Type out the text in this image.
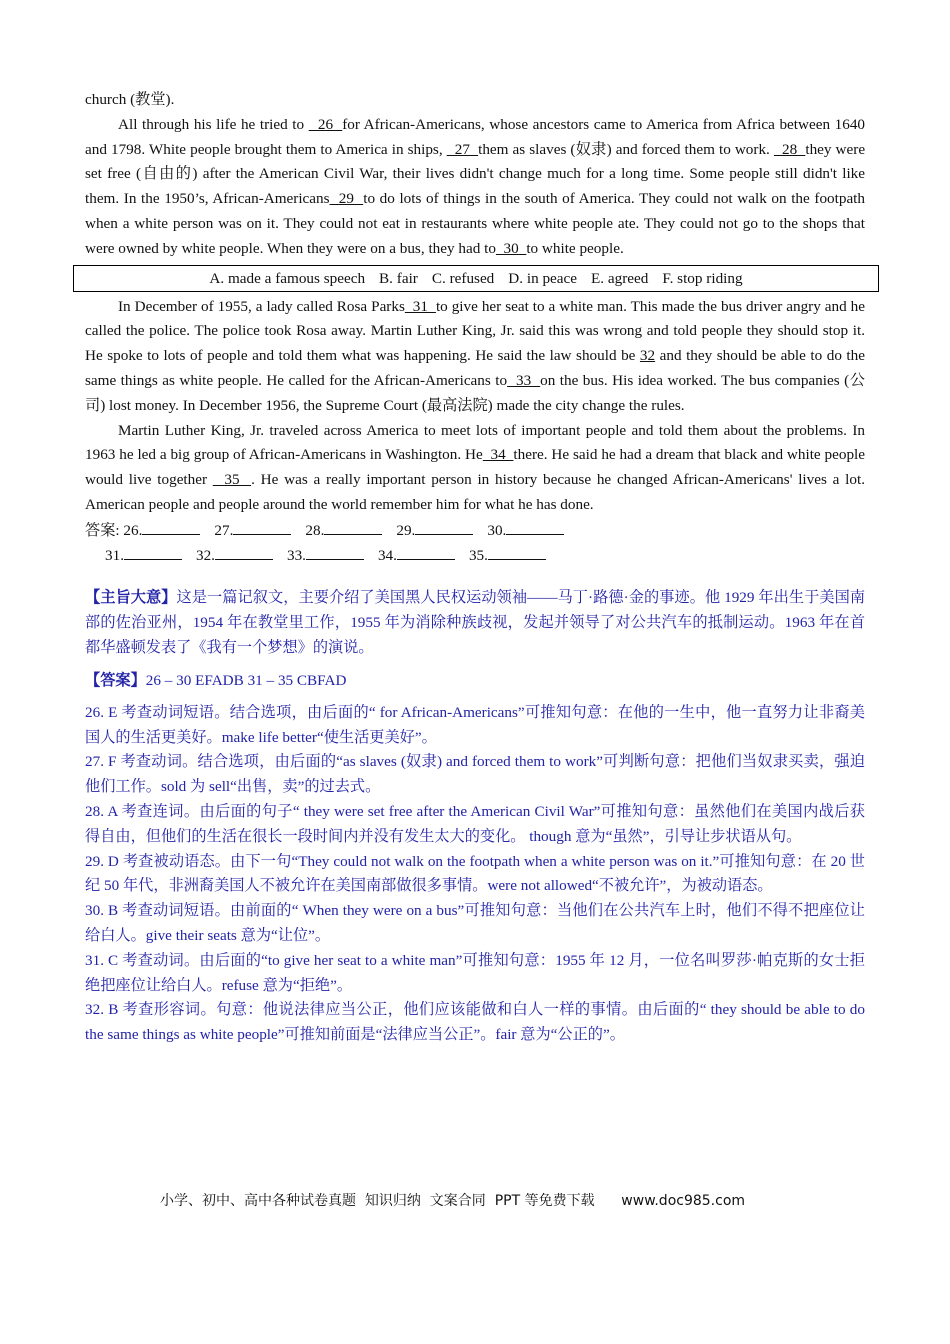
church (教堂).

All through his life he tried to   26  for African-Americans, whose ancestors came to America from Africa between 1640 and 1798. White people brought them to America in ships,   27  them as slaves (奴隶) and forced them to work.   28  they were set free (自由的) after the American Civil War, their lives didn't change much for a long time. Some people still didn't like them. In the 1950’s, African-Americans  29  to do lots of things in the south of America. They could not walk on the footpath when a white person was on it. They could not eat in restaurants where white people ate. They could not go to the shops that were owned by white people. When they were on a bus, they had to  30  to white people.

A. made a famous speech B. fair C. refused D. in peace E. agreed F. stop riding

In December of 1955, a lady called Rosa Parks  31  to give her seat to a white man. This made the bus driver angry and he called the police. The police took Rosa away. Martin Luther King, Jr. said this was wrong and told people they should stop it. He spoke to lots of people and told them what was happening. He said the law should be 32 and they should be able to do the same things as white people. He called for the African-Americans to  33  on the bus. His idea worked. The bus companies (公司) lost money. In December 1956, the Supreme Court (最高法院) made the city change the rules.

Martin Luther King, Jr. traveled across America to meet lots of important people and told them about the problems. In 1963 he led a big group of African-Americans in Washington. He  34  there. He said he had a dream that black and white people would live together   35  . He was a really important person in history because he changed African-Americans' lives a lot. American people and people around the world remember him for what he has done.

答案: 26.	27.	28.	29.	30.
31.	32.	33.	34.	35.

【主旨大意】这是一篇记叙文，主要介绍了美国黑人民权运动领袖——马丁·路德·金的事迹。他 1929 年出生于美国南部的佐治亚州，1954 年在教堂里工作，1955 年为消除种族歧视，发起并领导了对公共汽车的抵制运动。1963 年在首都华盛顿发表了《我有一个梦想》的演说。

【答案】26 – 30 EFADB 31 – 35 CBFAD

26. E 考查动词短语。结合选项，由后面的“ for African-Americans”可推知句意：在他的一生中，他一直努力让非裔美国人的生活更美好。make life better“使生活更美好”。

27. F 考查动词。结合选项，由后面的“as slaves (奴隶) and forced them to work”可判断句意：把他们当奴隶买卖，强迫他们工作。sold 为 sell“出售，卖”的过去式。

28. A 考查连词。由后面的句子“ they were set free after the American Civil War”可推知句意：虽然他们在美国内战后获得自由，但他们的生活在很长一段时间内并没有发生太大的变化。 though 意为“虽然”，引导让步状语从句。

29. D 考查被动语态。由下一句“They could not walk on the footpath when a white person was on it.”可推知句意：在 20 世纪 50 年代，非洲裔美国人不被允许在美国南部做很多事情。were not allowed“不被允许”，为被动语态。

30. B 考查动词短语。由前面的“ When they were on a bus”可推知句意：当他们在公共汽车上时，他们不得不把座位让给白人。give their seats 意为“让位”。

31. C 考查动词。由后面的“to give her seat to a white man”可推知句意：1955 年 12 月，一位名叫罗莎·帕克斯的女士拒绝把座位让给白人。refuse 意为“拒绝”。

32. B 考查形容词。句意：他说法律应当公正，他们应该能做和白人一样的事情。由后面的“ they should be able to do the same things as white people”可推知前面是“法律应当公正”。fair 意为“公正的”。

小学、初中、高中各种试卷真题  知识归纳  文案合同  PPT 等免费下载      www.doc985.com
